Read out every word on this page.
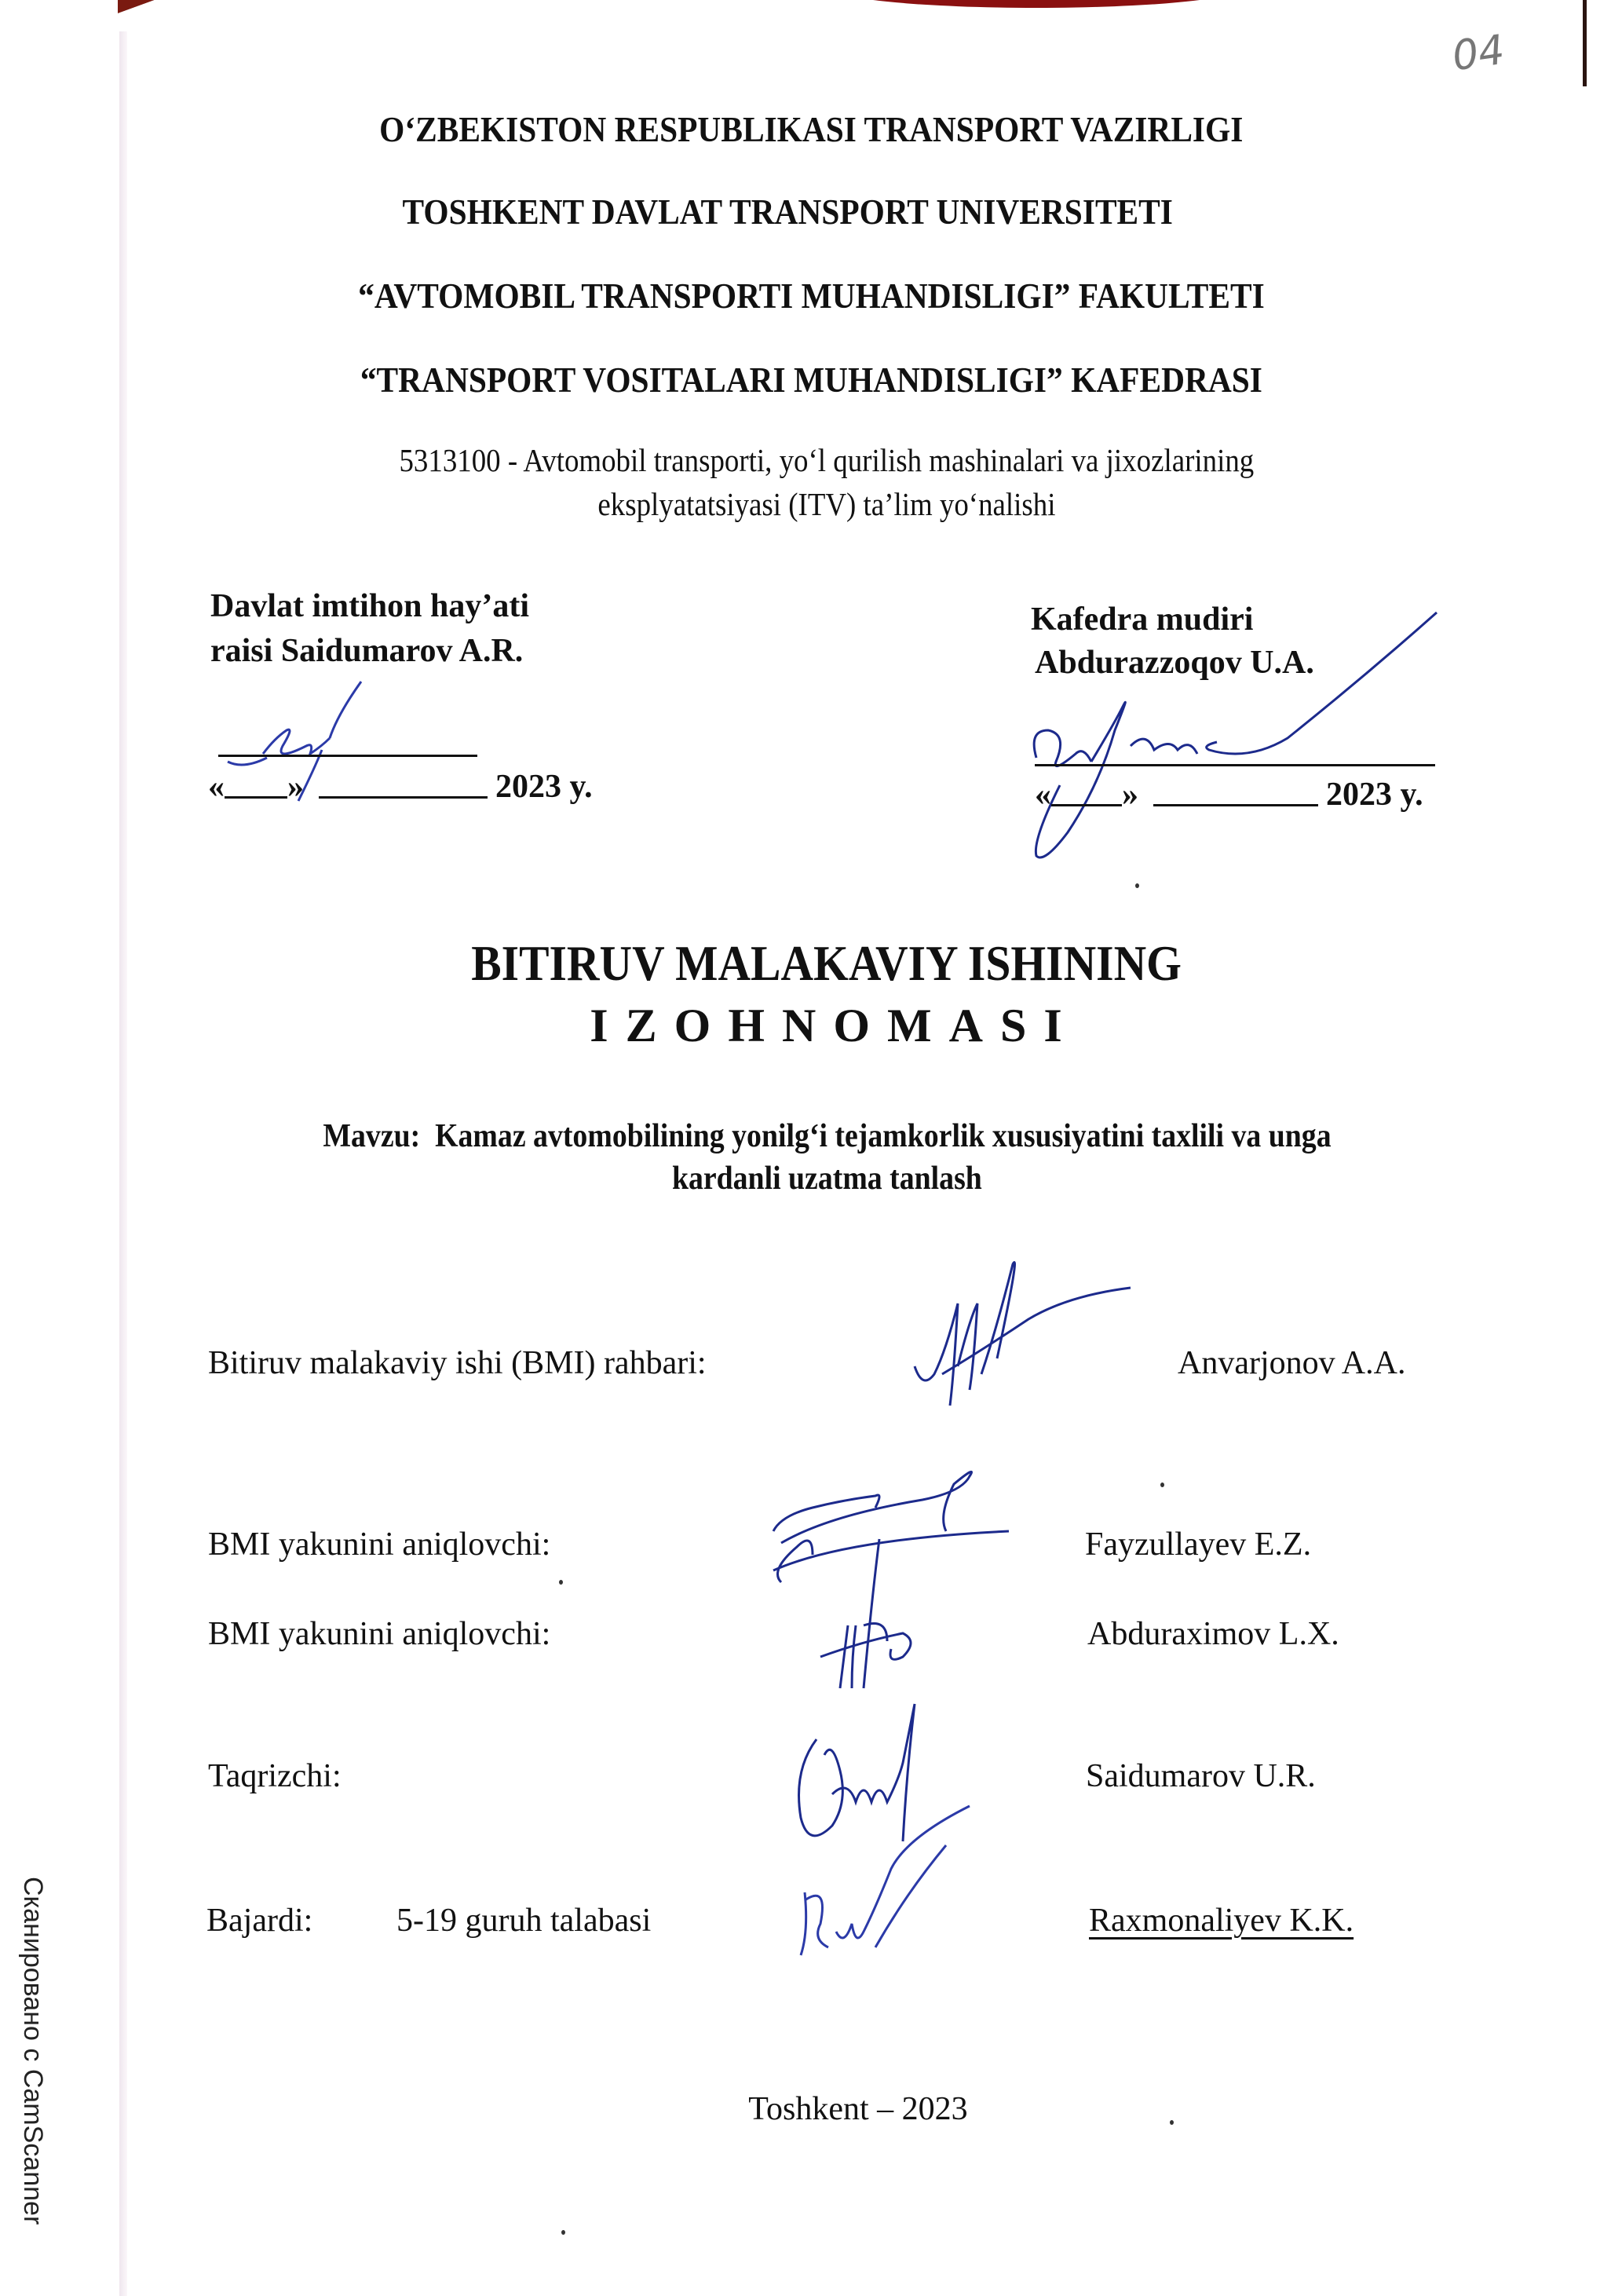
04
Сканировано с CamScanner
O‘ZBEKISTON RESPUBLIKASI TRANSPORT VAZIRLIGI
TOSHKENT DAVLAT TRANSPORT UNIVERSITETI
“AVTOMOBIL TRANSPORTI MUHANDISLIGI” FAKULTETI
“TRANSPORT VOSITALARI MUHANDISLIGI” KAFEDRASI
5313100 - Avtomobil transporti, yo‘l qurilish mashinalari va jixozlarining
eksplyatatsiyasi (ITV) ta’lim yo‘nalishi
Davlat imtihon hay’ati
raisi Saidumarov A.R.
« »	2023 y.
Kafedra mudiri
Abdurazzoqov U.A.
« »	2023 y.
BITIRUV MALAKAVIY ISHINING
IZOHNOMASI
Mavzu: Kamaz avtomobilining yonilg‘i tejamkorlik xususiyatini taxlili va unga
kardanli uzatma tanlash
Bitiruv malakaviy ishi (BMI) rahbari:	Anvarjonov A.A.
BMI yakunini aniqlovchi:	Fayzullayev E.Z.
BMI yakunini aniqlovchi:	Abduraximov L.X.
Taqrizchi:	Saidumarov U.R.
Bajardi:	5-19 guruh talabasi	Raxmonaliyev K.K.
Toshkent – 2023
